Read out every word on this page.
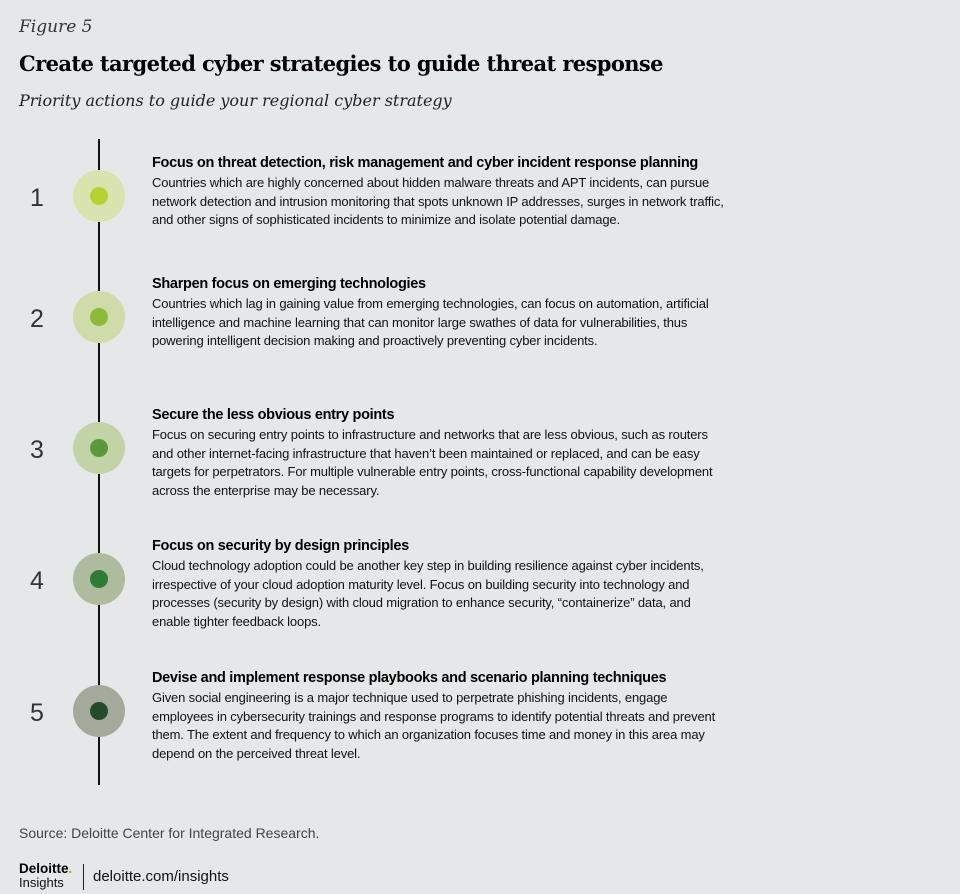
Figure 5
Create targeted cyber strategies to guide threat response
Priority actions to guide your regional cyber strategy
1
Focus on threat detection, risk management and cyber incident response planning
Countries which are highly concerned about hidden malware threats and APT incidents, can pursue network detection and intrusion monitoring that spots unknown IP addresses, surges in network traffic, and other signs of sophisticated incidents to minimize and isolate potential damage.
2
Sharpen focus on emerging technologies
Countries which lag in gaining value from emerging technologies, can focus on automation, artificial intelligence and machine learning that can monitor large swathes of data for vulnerabilities, thus powering intelligent decision making and proactively preventing cyber incidents.
3
Secure the less obvious entry points
Focus on securing entry points to infrastructure and networks that are less obvious, such as routers and other internet-facing infrastructure that haven’t been maintained or replaced, and can be easy targets for perpetrators. For multiple vulnerable entry points, cross-functional capability development across the enterprise may be necessary.
4
Focus on security by design principles
Cloud technology adoption could be another key step in building resilience against cyber incidents, irrespective of your cloud adoption maturity level. Focus on building security into technology and processes (security by design) with cloud migration to enhance security, “containerize” data, and enable tighter feedback loops.
5
Devise and implement response playbooks and scenario planning techniques
Given social engineering is a major technique used to perpetrate phishing incidents, engage employees in cybersecurity trainings and response programs to identify potential threats and prevent them. The extent and frequency to which an organization focuses time and money in this area may depend on the perceived threat level.
Source: Deloitte Center for Integrated Research.
Deloitte.
Insights	deloitte.com/insights
